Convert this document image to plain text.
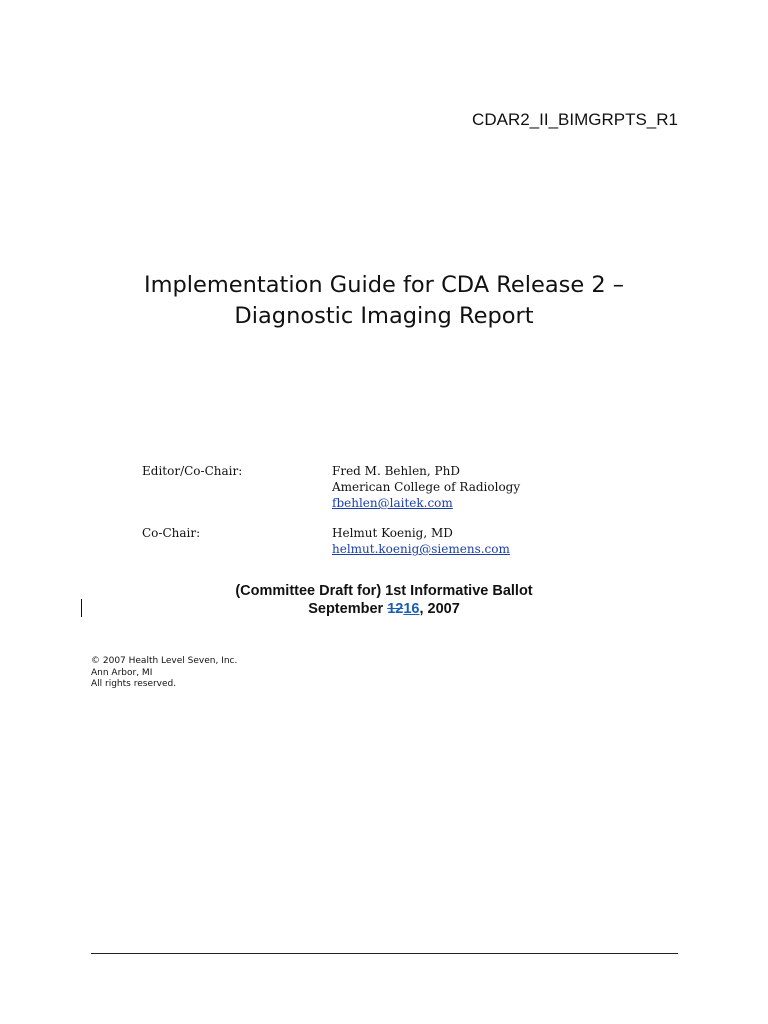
CDAR2_II_BIMGRPTS_R1
Implementation Guide for CDA Release 2 –
Diagnostic Imaging Report
Editor/Co-Chair:	Fred M. Behlen, PhD
American College of Radiology
fbehlen@laitek.com
Co-Chair:	Helmut Koenig, MD
helmut.koenig@siemens.com
(Committee Draft for) 1st Informative Ballot
September 1216, 2007
© 2007 Health Level Seven, Inc.
Ann Arbor, MI
All rights reserved.
